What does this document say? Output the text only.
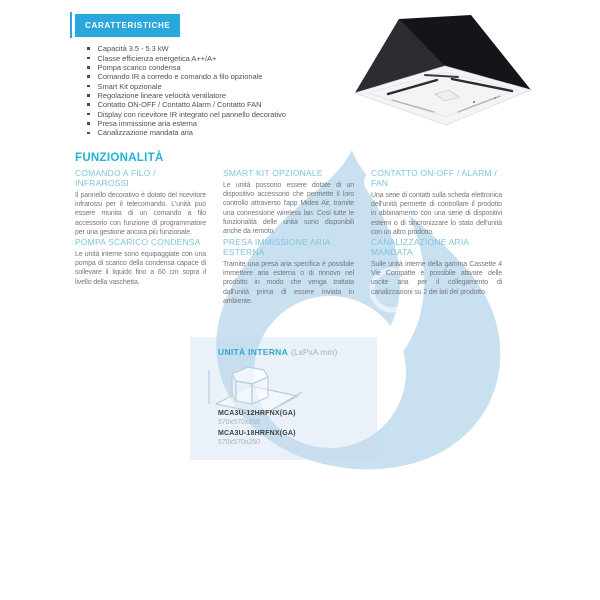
CARATTERISTICHE
Capacità 3.5 - 5.3 kW
Classe efficienza energetica A++/A+
Pompa scarico condensa
Comando IR a corredo e comando a filo opzionale
Smart Kit opzionale
Regolazione lineare velocità ventilatore
Contatto ON-OFF / Contatto Alarm / Contatto FAN
Display con ricevitore IR integrato nel pannello decorativo
Presa immissione aria esterna
Canalizzazione mandata aria
FUNZIONALITÀ
COMANDO A FILO / INFRAROSSI

Il pannello decorativo è dotato del ricevitore infrarossi per il telecomando. L'unità può essere munita di un comando a filo accessorio con funzione di programmatore per una gestione ancora più funzionale.

SMART KIT OPZIONALE

Le unità possono essere dotate di un dispositivo accessorio che permette il loro controllo attraverso l'app Midea Air, tramite una connessione wireless lan. Così tutte le funzionalità delle unità sono disponibili anche da remoto.

CONTATTO ON-OFF / ALARM / FAN

Una serie di contatti sulla scheda elettronica dell'unità permette di controllare il prodotto in abbinamento con una serie di dispositivi esterni o di sincronizzare lo stato dell'unità con un altro prodotto.

POMPA SCARICO CONDENSA

Le unità interne sono equipaggiate con una pompa di scarico della condensa capace di sollevare il liquido fino a 60 cm sopra il livello della vaschetta.

PRESA IMMISSIONE ARIA ESTERNA

Tramite una presa aria specifica è possibile immettere aria esterna o di rinnovo nel prodotto in modo che venga trattata dall'unità prima di essere inviata in ambiente.

CANALIZZAZIONE ARIA MANDATA

Sulle unità interne della gamma Cassette 4 Vie Compatte è possibile attivare delle uscite aria per il collegamento di canalizzazioni su 2 dei lati del prodotto.

UNITÀ INTERNA (LxPxA mm)
MCA3U-12HRFNX(GA)
570x570x260
MCA3U-18HRFNX(GA)
570x570x260
